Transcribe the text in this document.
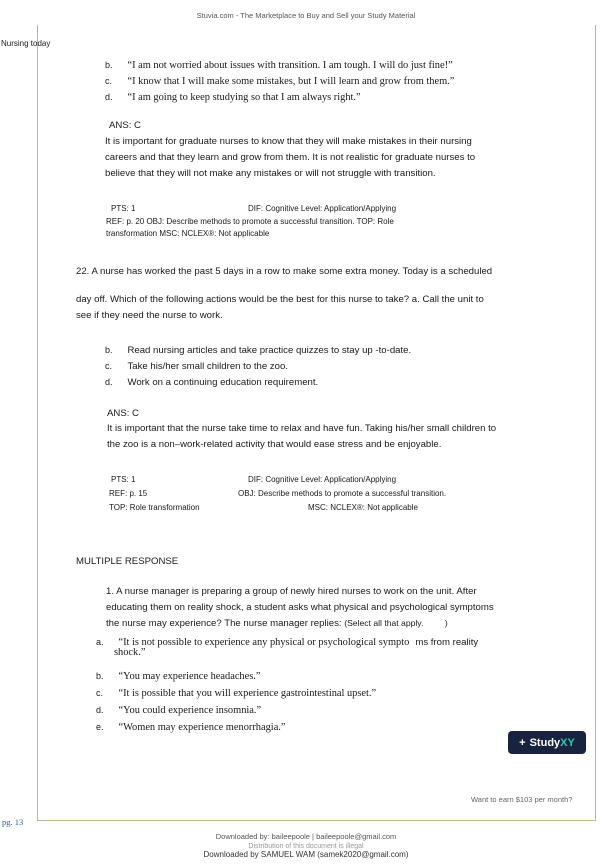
Stuvia.com - The Marketplace to Buy and Sell your Study Material
Nursing today
b. “I am not worried about issues with transition. I am tough. I will do just fine!”
c. “I know that I will make some mistakes, but I will learn and grow from them.”
d. “I am going to keep studying so that I am always right.”
ANS: C
It is important for graduate nurses to know that they will make mistakes in their nursing
careers and that they learn and grow from them. It is not realistic for graduate nurses to
believe that they will not make any mistakes or will not struggle with transition.
PTS: 1	DIF: Cognitive Level: Application/Applying
REF: p. 20 OBJ: Describe methods to promote a successful transition. TOP: Role
transformation MSC: NCLEX®: Not applicable
22. A nurse has worked the past 5 days in a row to make some extra money. Today is a scheduled
day off. Which of the following actions would be the best for this nurse to take? a. Call the unit to
see if they need the nurse to work.
b. Read nursing articles and take practice quizzes to stay up -to-date.
c. Take his/her small children to the zoo.
d. Work on a continuing education requirement.
ANS: C
It is important that the nurse take time to relax and have fun. Taking his/her small children to
the zoo is a non–work-related activity that would ease stress and be enjoyable.
PTS: 1	DIF: Cognitive Level: Application/Applying
REF: p. 15	OBJ: Describe methods to promote a successful transition.
TOP: Role transformation	MSC: NCLEX®: Not applicable
MULTIPLE RESPONSE
1. A nurse manager is preparing a group of newly hired nurses to work on the unit. After
educating them on reality shock, a student asks what physical and psychological symptoms
the nurse may experience? The nurse manager replies: (Select all that apply.         )
a. “It is not possible to experience any physical or psychological sympto ms from reality
shock.”
b. “You may experience headaches.”
c. “It is possible that you will experience gastrointestinal upset.”
d. “You could experience insomnia.”
e. “Women may experience menorrhagia.”
+ StudyXY
Want to earn $103 per month?
pg. 13
Downloaded by: baileepoole | baileepoole@gmail.com
Distribution of this document is illegal
Downloaded by SAMUEL WAM (samek2020@gmail.com)
